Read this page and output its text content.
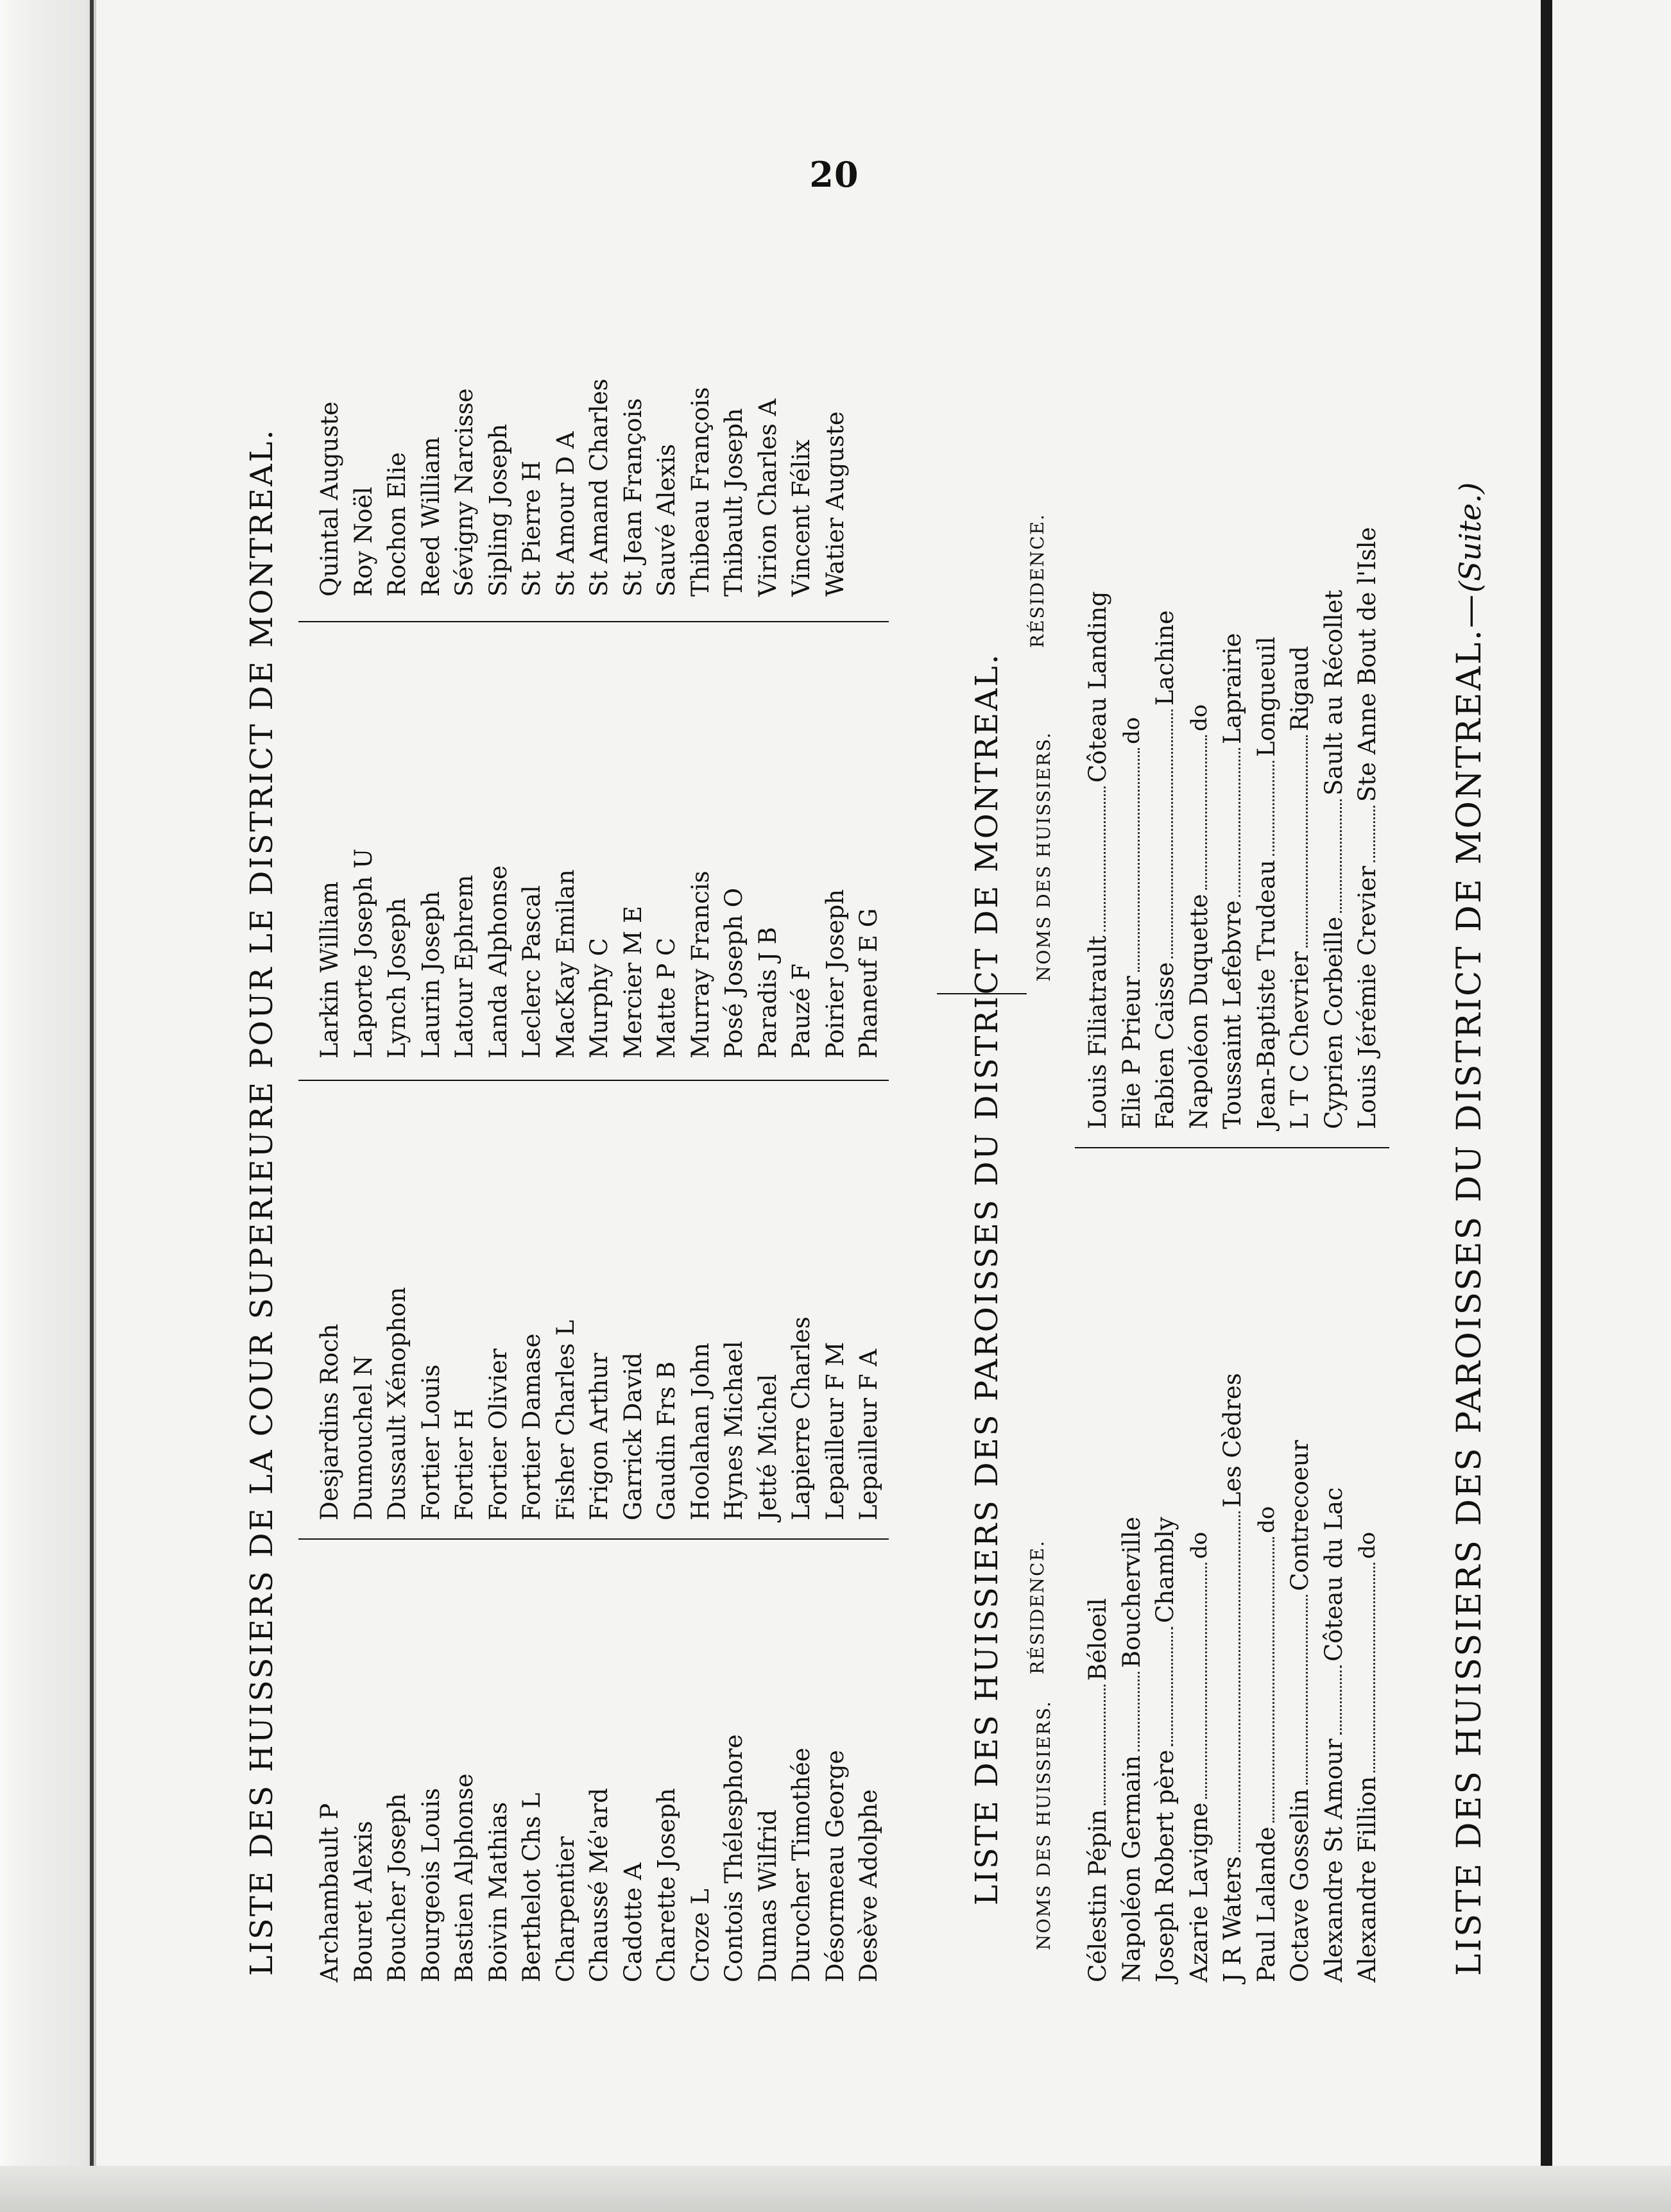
20
LISTE DES HUISSIERS DE LA COUR SUPERIEURE POUR LE DISTRICT DE MONTREAL. Archambault P Bouret Alexis Boucher Joseph Bourgeois Louis Bastien Alphonse Boivin Mathias Berthelot Chs L Charpentier Chaussé Mé'ard Cadotte A Charette Joseph Croze L Contois Thélesphore Dumas Wilfrid Durocher Timothée Désormeau George Desève Adolphe
Desjardins Roch Dumouchel N Dussault Xénophon Fortier Louis Fortier H Fortier Olivier Fortier Damase Fisher Charles L Frigon Arthur Garrick David Gaudin Frs B Hoolahan John Hynes Michael Jetté Michel Lapierre Charles Lepailleur F M Lepailleur F A
Larkin William Laporte Joseph U Lynch Joseph Laurin Joseph Latour Ephrem Landa Alphonse Leclerc Pascal MacKay Emilan Murphy C Mercier M E Matte P C Murray Francis Posé Joseph O Paradis J B Pauzé F Poirier Joseph Phaneuf E G
Quintal Auguste Roy Noël Rochon Elie Reed William Sévigny Narcisse Sipling Joseph St Pierre H St Amour D A St Amand Charles St Jean François Sauvé Alexis Thibeau François Thibault Joseph Virion Charles A Vincent Félix Watier Auguste
LISTE DES HUISSIERS DES PAROISSES DU DISTRICT DE MONTREAL. NOMS DES HUISSIERS.
RÉSIDENCE.
NOMS DES HUISSIERS.
RÉSIDENCE.
Célestin Pépin
Béloeil
Napoléon Germain
Boucherville
Joseph Robert père
Chambly
Azarie Lavigne
do
J R Waters
Les Cèdres
Paul Lalande
do
Octave Gosselin
Contrecoeur
Alexandre St Amour
Côteau du Lac
Alexandre Fillion
do
Louis Filiatrault
Côteau Landing
Elie P Prieur
do
Fabien Caisse
Lachine
Napoléon Duquette
do
Toussaint Lefebvre
Laprairie
Jean-Baptiste Trudeau
Longueuil
L T C Chevrier
Rigaud
Cyprien Corbeille
Sault au Récollet
Louis Jérémie Crevier
Ste Anne Bout de l'Isle LISTE DES HUISSIERS DES PAROISSES DU DISTRICT DE MONTREAL.—(Suite.)
